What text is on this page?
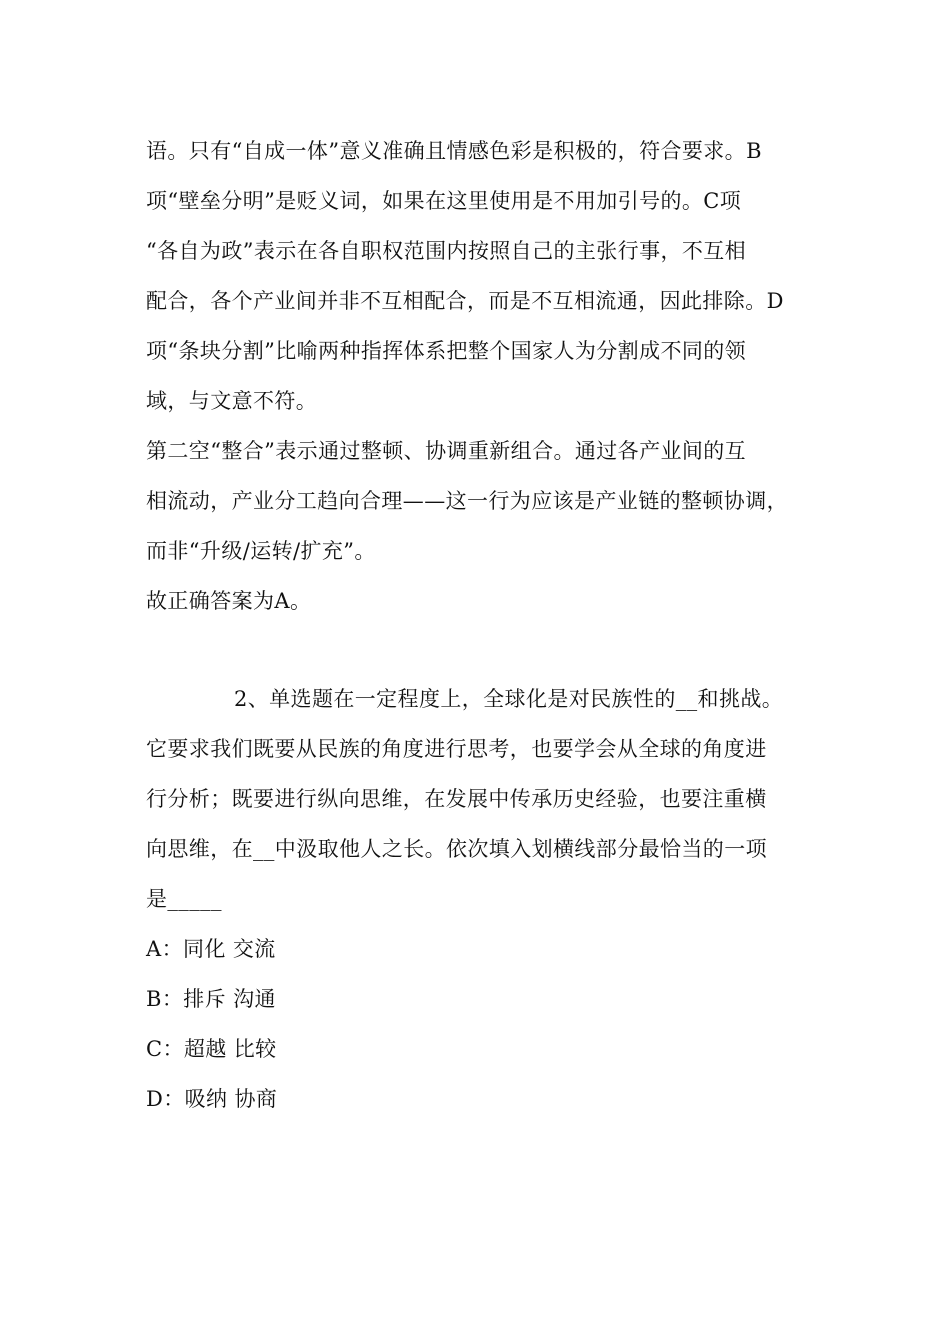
语。只有“自成一体”意义准确且情感色彩是积极的，符合要求。B
项“壁垒分明”是贬义词，如果在这里使用是不用加引号的。C项
“各自为政”表示在各自职权范围内按照自己的主张行事，不互相
配合，各个产业间并非不互相配合，而是不互相流通，因此排除。D
项“条块分割”比喻两种指挥体系把整个国家人为分割成不同的领
域，与文意不符。
第二空“整合”表示通过整顿、协调重新组合。通过各产业间的互
相流动，产业分工趋向合理——这一行为应该是产业链的整顿协调，
而非“升级/运转/扩充”。
故正确答案为A。
2、单选题在一定程度上，全球化是对民族性的__和挑战。
它要求我们既要从民族的角度进行思考，也要学会从全球的角度进
行分析；既要进行纵向思维，在发展中传承历史经验，也要注重横
向思维，在__中汲取他人之长。依次填入划横线部分最恰当的一项
是_____
A：同化 交流
B：排斥 沟通
C：超越 比较
D：吸纳 协商
